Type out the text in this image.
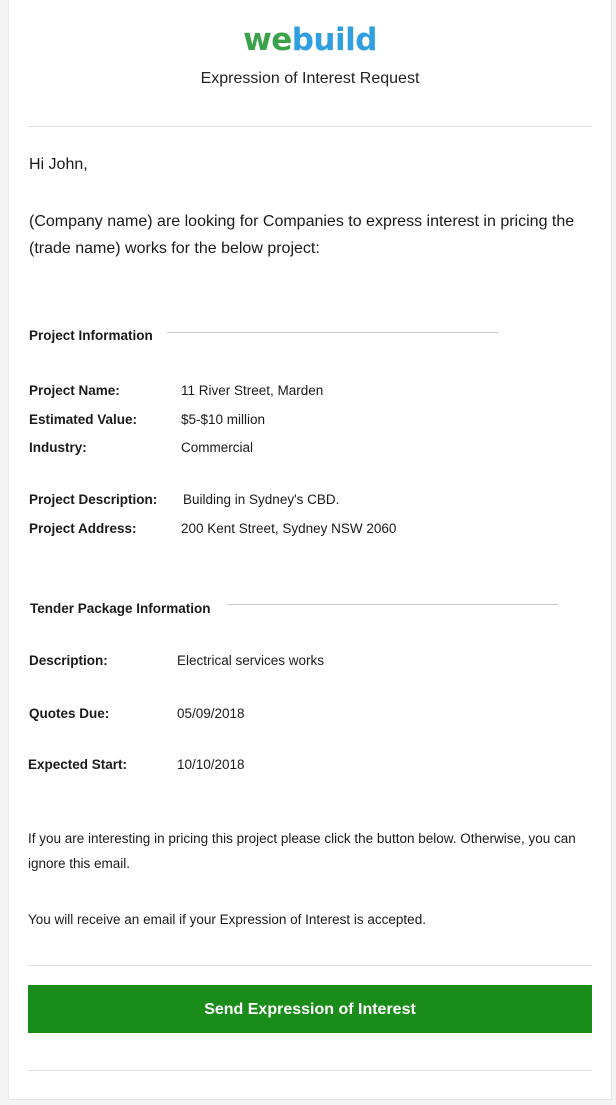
webuild
Expression of Interest Request
Hi John,
(Company name) are looking for Companies to express interest in pricing the (trade name) works for the below project:
Project Information
Project Name:	11 River Street, Marden
Estimated Value:	$5-$10 million
Industry:	Commercial
Project Description: Building in Sydney's CBD.
Project Address:	200 Kent Street, Sydney NSW 2060
Tender Package Information
Description:	Electrical services works
Quotes Due:	05/09/2018
Expected Start:	10/10/2018
If you are interesting in pricing this project please click the button below. Otherwise, you can ignore this email.
You will receive an email if your Expression of Interest is accepted.
Send Expression of Interest
